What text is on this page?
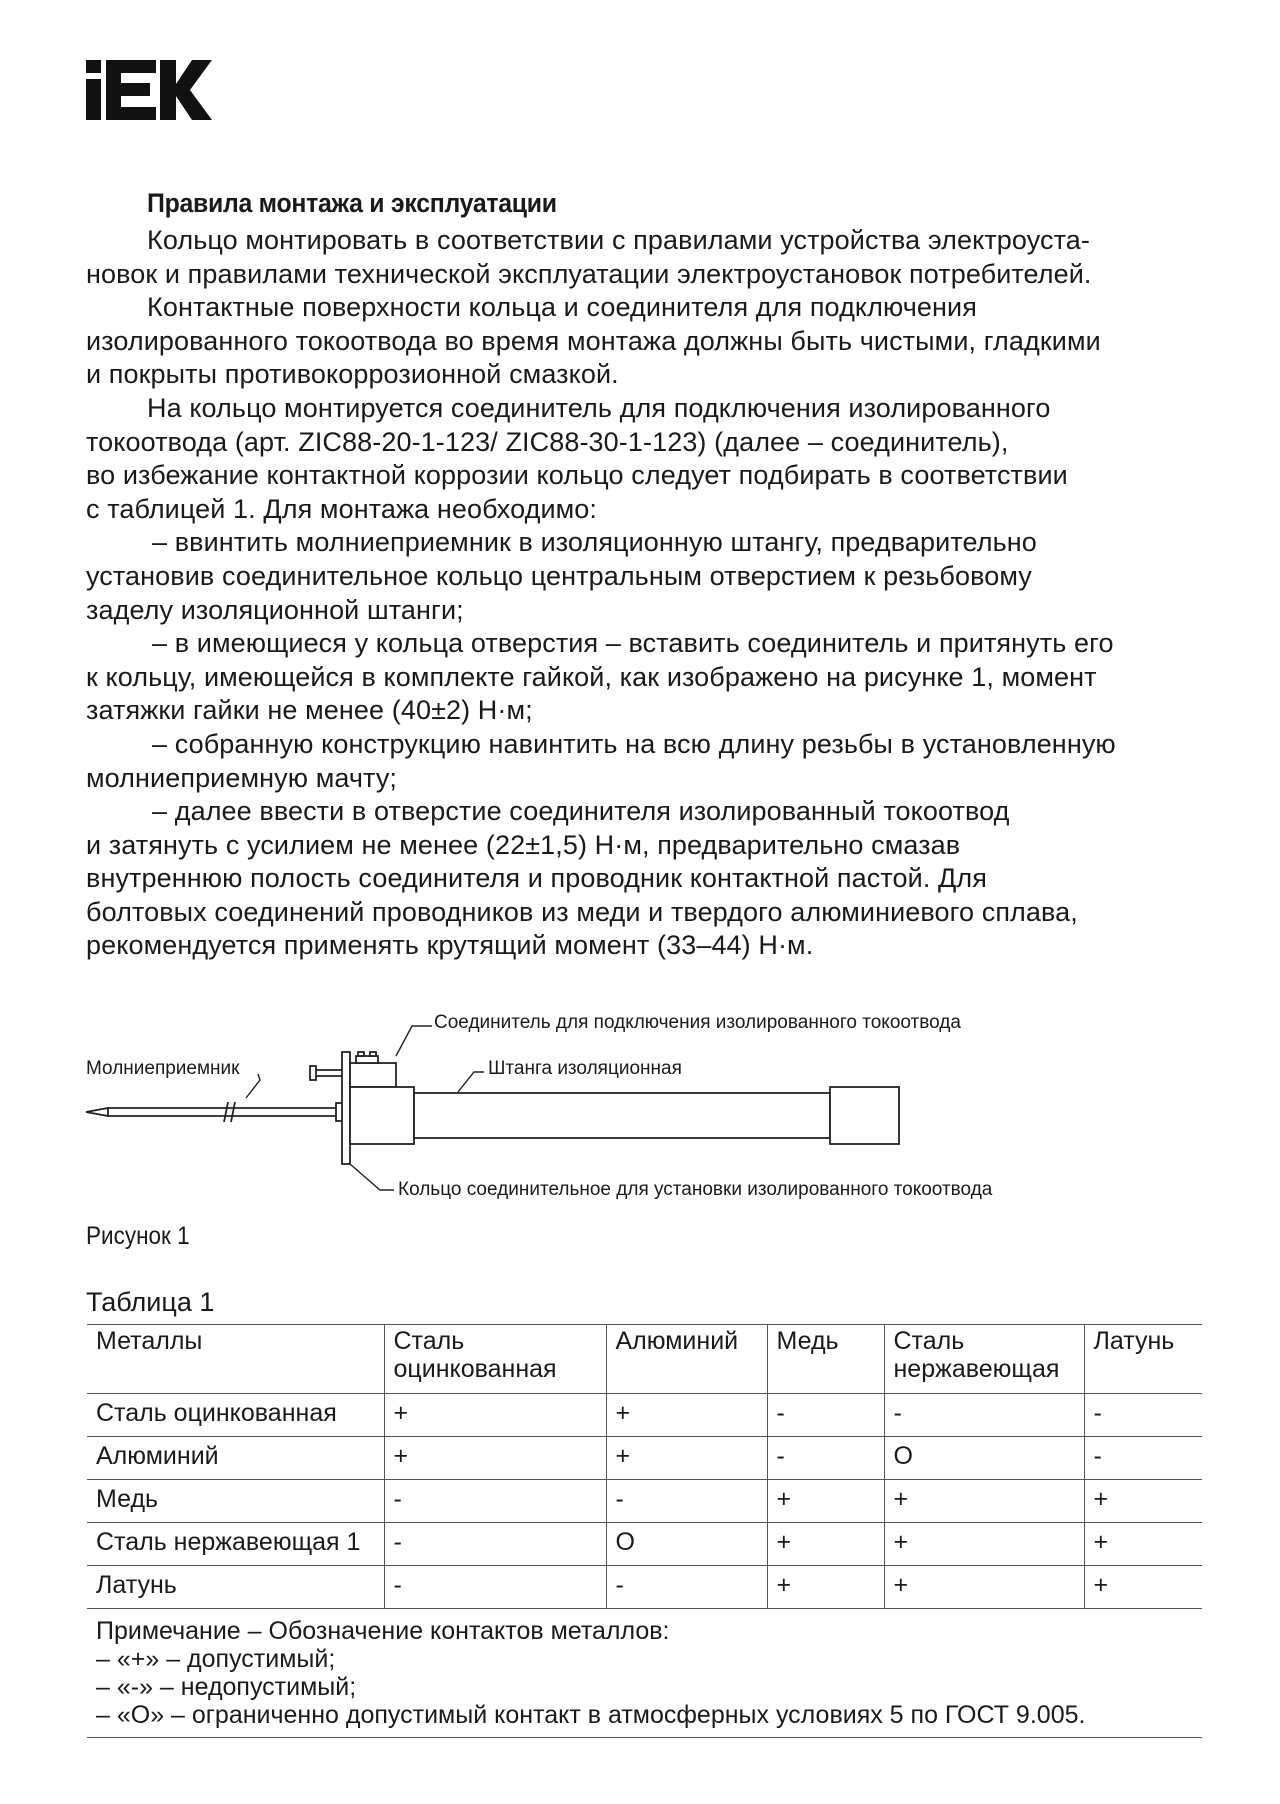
Правила монтажа и эксплуатации
Кольцо монтировать в соответствии с правилами устройства электроуста-
новок и правилами технической эксплуатации электроустановок потребителей.
Контактные поверхности кольца и соединителя для подключения
изолированного токоотвода во время монтажа должны быть чистыми, гладкими
и покрыты противокоррозионной смазкой.
На кольцо монтируется соединитель для подключения изолированного
токоотвода (арт. ZIC88-20-1-123/ ZIC88-30-1-123) (далее – соединитель),
во избежание контактной коррозии кольцо следует подбирать в соответствии
с таблицей 1. Для монтажа необходимо:
– ввинтить молниеприемник в изоляционную штангу, предварительно
установив соединительное кольцо центральным отверстием к резьбовому
заделу изоляционной штанги;
– в имеющиеся у кольца отверстия – вставить соединитель и притянуть его
к кольцу, имеющейся в комплекте гайкой, как изображено на рисунке 1, момент
затяжки гайки не менее (40±2) Н·м;
– собранную конструкцию навинтить на всю длину резьбы в установленную
молниеприемную мачту;
– далее ввести в отверстие соединителя изолированный токоотвод
и затянуть с усилием не менее (22±1,5) Н·м, предварительно смазав
внутреннюю полость соединителя и проводник контактной пастой. Для
болтовых соединений проводников из меди и твердого алюминиевого сплава,
рекомендуется применять крутящий момент (33–44) Н·м.
Соединитель для подключения изолированного токоотвода
Молниеприемник	Штанга изоляционная
Кольцо соединительное для установки изолированного токоотвода
Рисунок 1
Таблица 1
Металлы	Сталь оцинкованная	Алюминий	Медь	Сталь нержавеющая	Латунь
Сталь оцинкованная	+	+	-	-	-
Алюминий	+	+	-	O	-
Медь	-	-	+	+	+
Сталь нержавеющая 1	-	O	+	+	+
Латунь	-	-	+	+	+

Примечание – Обозначение контактов металлов:
– «+» – допустимый;
– «-» – недопустимый;
– «О» – ограниченно допустимый контакт в атмосферных условиях 5 по ГОСТ 9.005.					
